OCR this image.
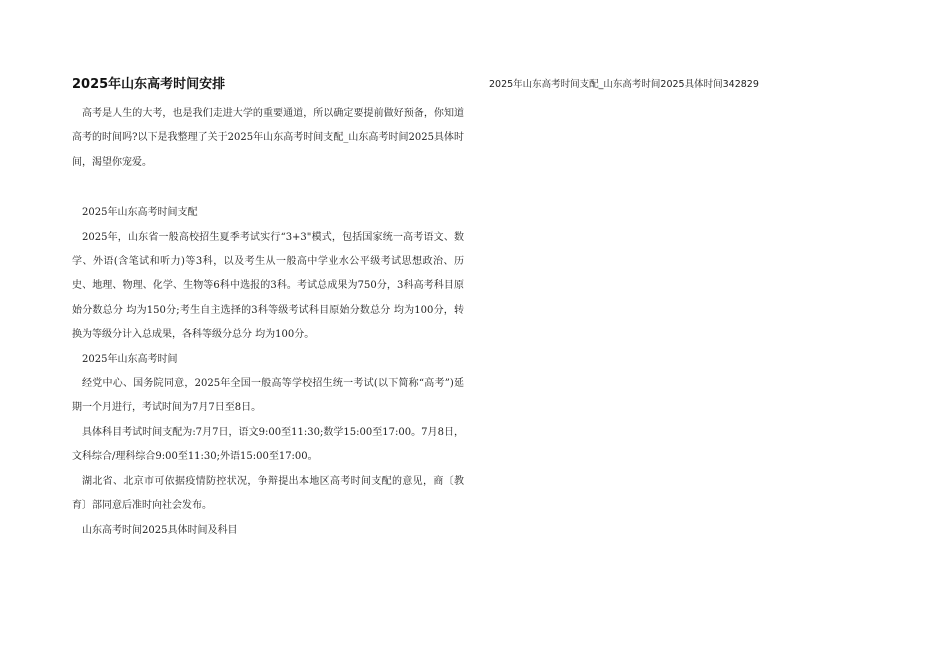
2025年山东高考时间安排

高考是人生的大考，也是我们走进大学的重要通道，所以确定要提前做好预备，你知道高考的时间吗?以下是我整理了关于2025年山东高考时间支配_山东高考时间2025具体时间，渴望你宠爱。

2025年山东高考时间支配

2025年，山东省一般高校招生夏季考试实行“3+3"模式，包括国家统一高考语文、数学、外语(含笔试和听力)等3科，以及考生从一般高中学业水公平级考试思想政治、历史、地理、物理、化学、生物等6科中选报的3科。考试总成果为750分，3科高考科目原始分数总分 均为150分;考生自主选择的3科等级考试科目原始分数总分 均为100分，转换为等级分计入总成果，各科等级分总分 均为100分。

2025年山东高考时间

经党中心、国务院同意，2025年全国一般高等学校招生统一考试(以下简称“高考”)延期一个月进行，考试时间为7月7日至8日。

具体科目考试时间支配为:7月7日，语文9:00至11:30;数学15:00至17:00。7月8日，文科综合/理科综合9:00至11:30;外语15:00至17:00。

湖北省、北京市可依据疫情防控状况，争辩提出本地区高考时间支配的意见，商〔教育〕部同意后准时向社会发布。

山东高考时间2025具体时间及科目

2025年山东高考时间支配_山东高考时间2025具体时间342829
